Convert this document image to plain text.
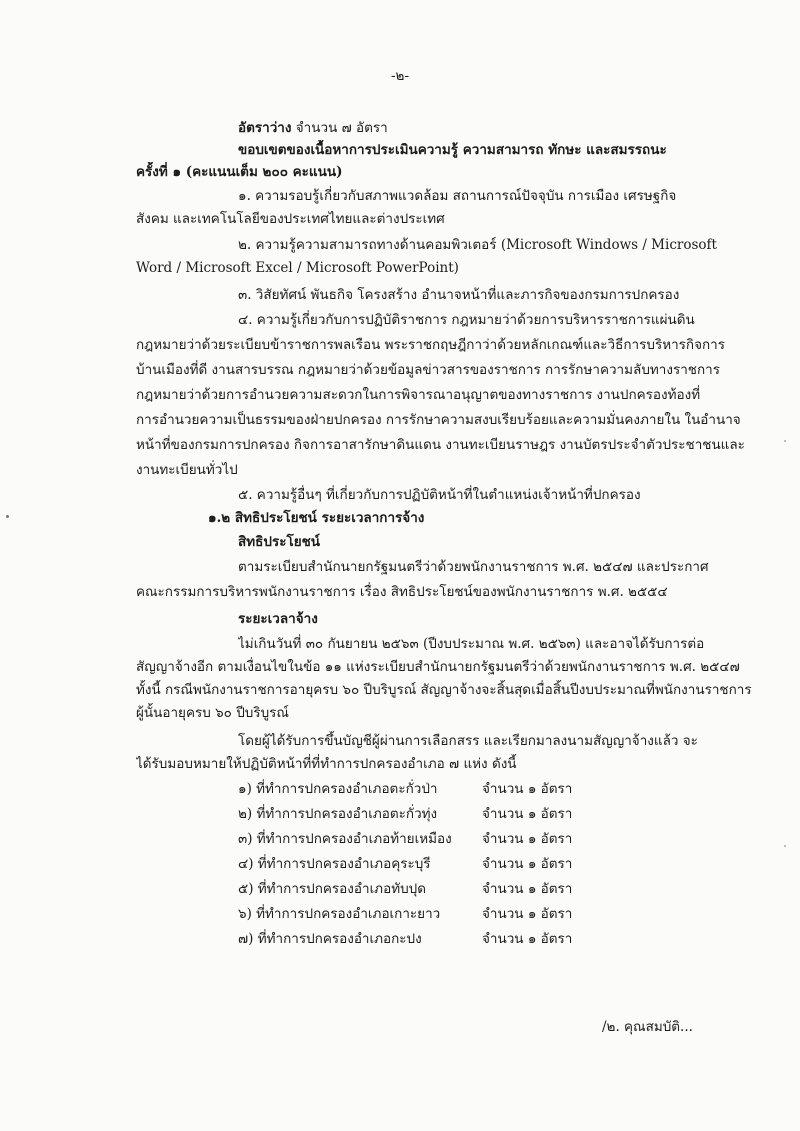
-๒-

อัตราว่าง จำนวน ๗ อัตรา

ขอบเขตของเนื้อหาการประเมินความรู้ ความสามารถ ทักษะ และสมรรถนะ

ครั้งที่ ๑ (คะแนนเต็ม ๒๐๐ คะแนน)

๑. ความรอบรู้เกี่ยวกับสภาพแวดล้อม สถานการณ์ปัจจุบัน การเมือง เศรษฐกิจ

สังคม และเทคโนโลยีของประเทศไทยและต่างประเทศ

๒. ความรู้ความสามารถทางด้านคอมพิวเตอร์ (Microsoft Windows / Microsoft

Word / Microsoft Excel / Microsoft PowerPoint)

๓. วิสัยทัศน์ พันธกิจ โครงสร้าง อำนาจหน้าที่และภารกิจของกรมการปกครอง

๔. ความรู้เกี่ยวกับการปฏิบัติราชการ กฎหมายว่าด้วยการบริหารราชการแผ่นดิน

กฎหมายว่าด้วยระเบียบข้าราชการพลเรือน พระราชกฤษฎีกาว่าด้วยหลักเกณฑ์และวิธีการบริหารกิจการ

บ้านเมืองที่ดี งานสารบรรณ กฎหมายว่าด้วยข้อมูลข่าวสารของราชการ การรักษาความลับทางราชการ

กฎหมายว่าด้วยการอำนวยความสะดวกในการพิจารณาอนุญาตของทางราชการ งานปกครองท้องที่

การอำนวยความเป็นธรรมของฝ่ายปกครอง การรักษาความสงบเรียบร้อยและความมั่นคงภายใน ในอำนาจ

หน้าที่ของกรมการปกครอง กิจการอาสารักษาดินแดน งานทะเบียนราษฎร งานบัตรประจำตัวประชาชนและ

งานทะเบียนทั่วไป

๕. ความรู้อื่นๆ ที่เกี่ยวกับการปฏิบัติหน้าที่ในตำแหน่งเจ้าหน้าที่ปกครอง

๑.๒ สิทธิประโยชน์ ระยะเวลาการจ้าง

สิทธิประโยชน์

ตามระเบียบสำนักนายกรัฐมนตรีว่าด้วยพนักงานราชการ พ.ศ. ๒๕๔๗ และประกาศ

คณะกรรมการบริหารพนักงานราชการ เรื่อง สิทธิประโยชน์ของพนักงานราชการ พ.ศ. ๒๕๕๔

ระยะเวลาจ้าง

ไม่เกินวันที่ ๓๐ กันยายน ๒๕๖๓ (ปีงบประมาณ พ.ศ. ๒๕๖๓) และอาจได้รับการต่อ

สัญญาจ้างอีก ตามเงื่อนไขในข้อ ๑๑ แห่งระเบียบสำนักนายกรัฐมนตรีว่าด้วยพนักงานราชการ พ.ศ. ๒๕๔๗

ทั้งนี้ กรณีพนักงานราชการอายุครบ ๖๐ ปีบริบูรณ์ สัญญาจ้างจะสิ้นสุดเมื่อสิ้นปีงบประมาณที่พนักงานราชการ

ผู้นั้นอายุครบ ๖๐ ปีบริบูรณ์

โดยผู้ได้รับการขึ้นบัญชีผู้ผ่านการเลือกสรร และเรียกมาลงนามสัญญาจ้างแล้ว จะ

ได้รับมอบหมายให้ปฏิบัติหน้าที่ที่ทำการปกครองอำเภอ ๗ แห่ง ดังนี้

๑) ที่ทำการปกครองอำเภอตะกั่วป่า	จำนวน ๑ อัตรา

๒) ที่ทำการปกครองอำเภอตะกั่วทุ่ง	จำนวน ๑ อัตรา

๓) ที่ทำการปกครองอำเภอท้ายเหมือง จำนวน ๑ อัตรา

๔) ที่ทำการปกครองอำเภอคุระบุรี	จำนวน ๑ อัตรา

๕) ที่ทำการปกครองอำเภอทับปุด	จำนวน ๑ อัตรา

๖) ที่ทำการปกครองอำเภอเกาะยาว	จำนวน ๑ อัตรา

๗) ที่ทำการปกครองอำเภอกะปง	จำนวน ๑ อัตรา

/๒. คุณสมบัติ...
